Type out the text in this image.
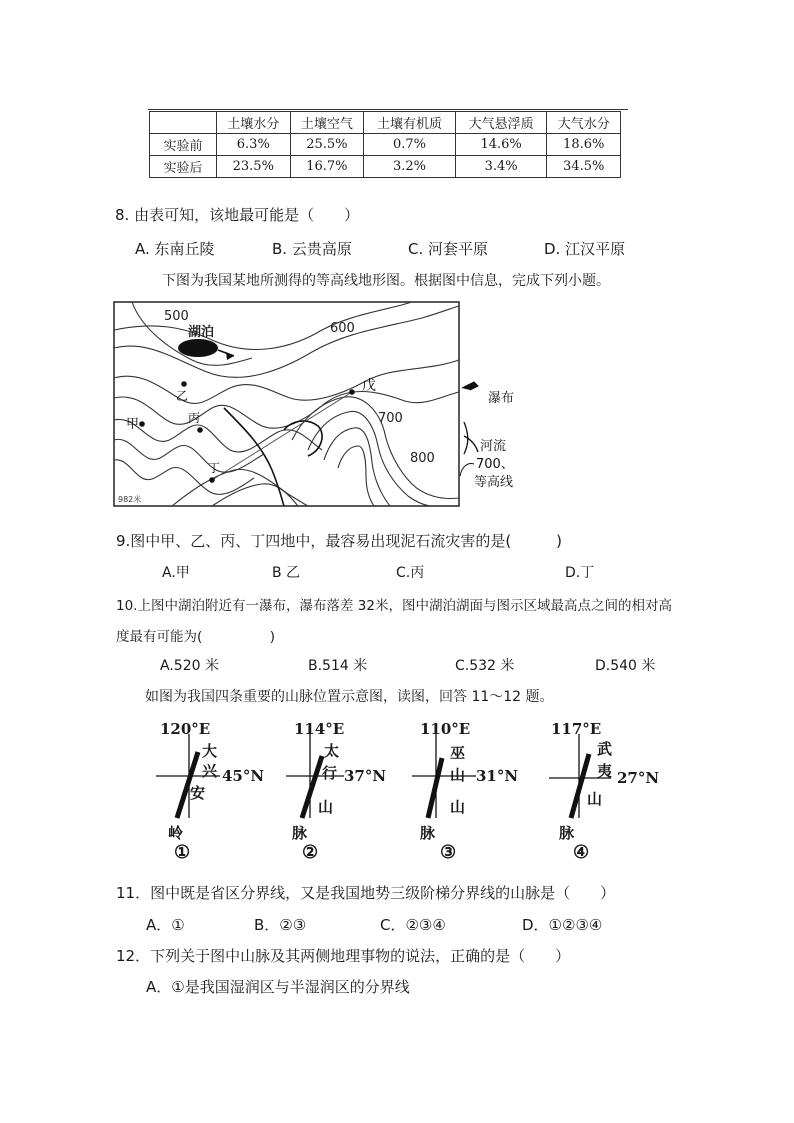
	土壤水分	土壤空气	土壤有机质	大气悬浮质	大气水分
实验前	6.3%	25.5%	0.7%	14.6%	18.6%
实验后	23.5%	16.7%	3.2%	3.4%	34.5%
8. 由表可知，该地最可能是（　　）
A. 东南丘陵	B. 云贵高原	C. 河套平原	D. 江汉平原
下图为我国某地所测得的等高线地形图。根据图中信息，完成下列小题。
500
湖泊	600
700
800
戊
甲
乙
丙
丁
982米
瀑布
河流
700、
等高线
9.图中甲、乙、丙、丁四地中，最容易出现泥石流灾害的是(　　　)
A.甲	B 乙	C.丙	D.丁
10.上图中湖泊附近有一瀑布，瀑布落差 32米，图中湖泊湖面与图示区域最高点之间的相对高
度最有可能为(　　　　　)
A.520 米	B.514 米	C.532 米	D.540 米
如图为我国四条重要的山脉位置示意图，读图，回答 11～12 题。
120°E
45°N
大
兴
安
岭
①
114°E
37°N
太
行
山
脉
②
110°E
31°N
巫
山
山
脉
③
117°E
27°N
武
夷
山
脉
④
11．图中既是省区分界线，又是我国地势三级阶梯分界线的山脉是（　　）
A．①	B．②③	C．②③④	D．①②③④
12．下列关于图中山脉及其两侧地理事物的说法，正确的是（　　）
A．①是我国湿润区与半湿润区的分界线
